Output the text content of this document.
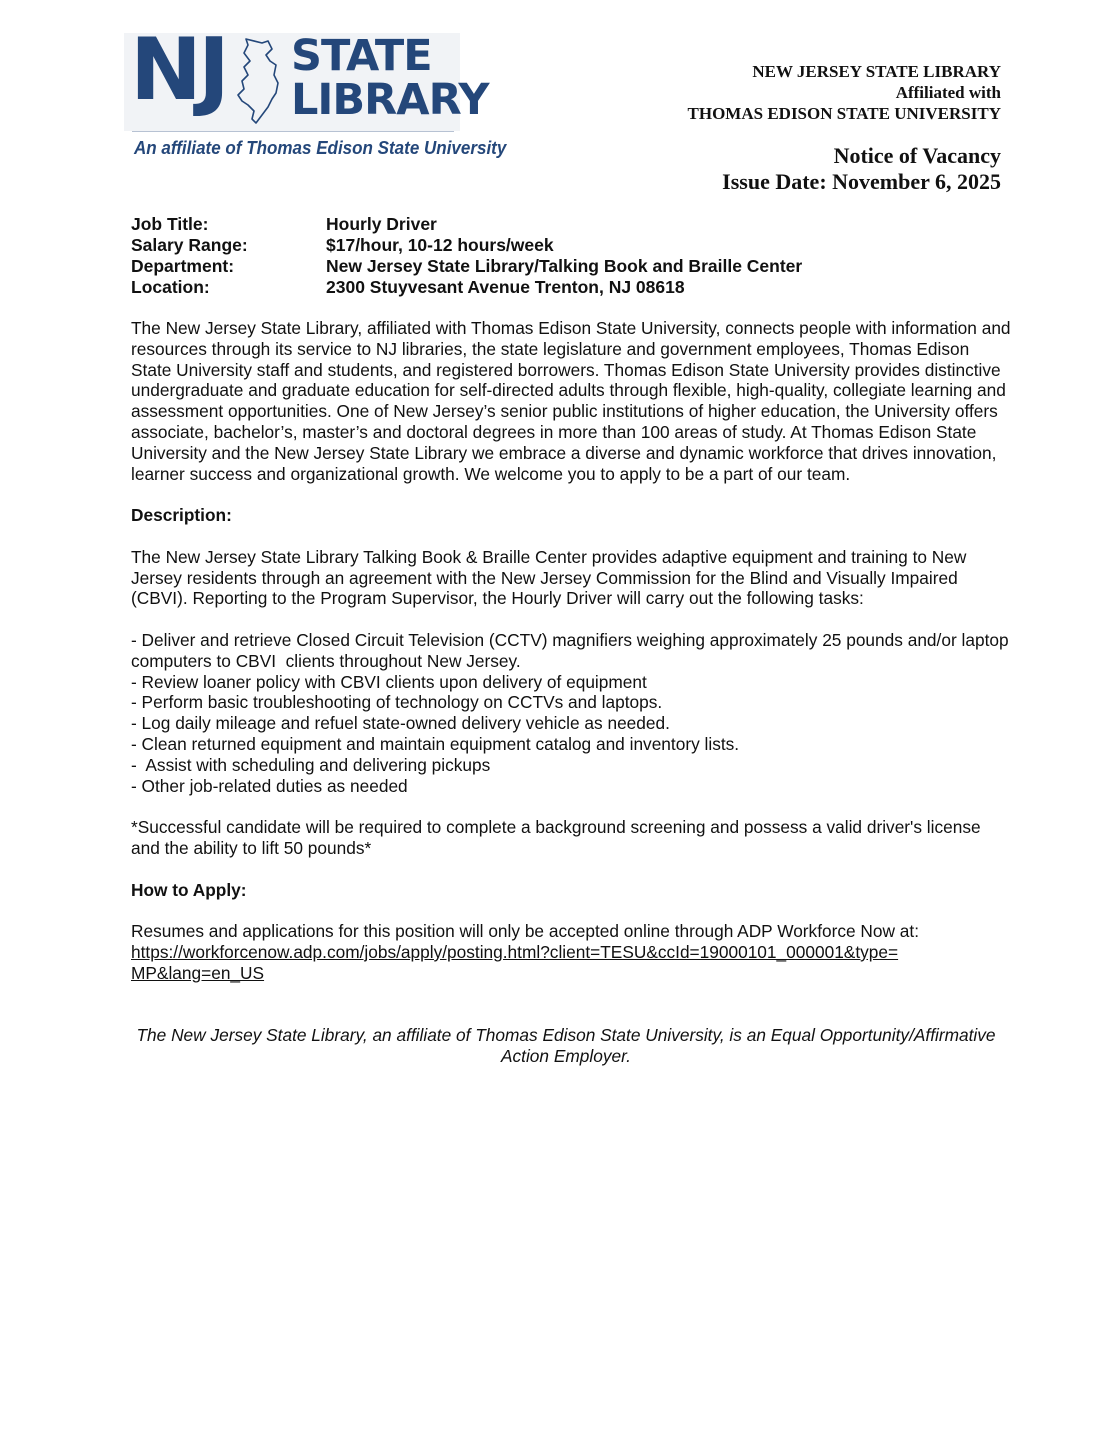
NJ STATE
LIBRARY
An affiliate of Thomas Edison State University
NEW JERSEY STATE LIBRARY
Affiliated with
THOMAS EDISON STATE UNIVERSITY
Notice of Vacancy
Issue Date: November 6, 2025
Job Title:	Hourly Driver
Salary Range:	$17/hour, 10-12 hours/week
Department:	New Jersey State Library/Talking Book and Braille Center
Location:	2300 Stuyvesant Avenue Trenton, NJ 08618

The New Jersey State Library, affiliated with Thomas Edison State University, connects people with information and resources through its service to NJ libraries, the state legislature and government employees, Thomas Edison State University staff and students, and registered borrowers. Thomas Edison State University provides distinctive undergraduate and graduate education for self-directed adults through flexible, high-quality, collegiate learning and assessment opportunities. One of New Jersey’s senior public institutions of higher education, the University offers associate, bachelor’s, master’s and doctoral degrees in more than 100 areas of study. At Thomas Edison State University and the New Jersey State Library we embrace a diverse and dynamic workforce that drives innovation, learner success and organizational growth. We welcome you to apply to be a part of our team.

Description:

The New Jersey State Library Talking Book & Braille Center provides adaptive equipment and training to New Jersey residents through an agreement with the New Jersey Commission for the Blind and Visually Impaired (CBVI). Reporting to the Program Supervisor, the Hourly Driver will carry out the following tasks:

- Deliver and retrieve Closed Circuit Television (CCTV) magnifiers weighing approximately 25 pounds and/or laptop computers to CBVI  clients throughout New Jersey.
- Review loaner policy with CBVI clients upon delivery of equipment
- Perform basic troubleshooting of technology on CCTVs and laptops.
- Log daily mileage and refuel state-owned delivery vehicle as needed.
- Clean returned equipment and maintain equipment catalog and inventory lists.
-  Assist with scheduling and delivering pickups
- Other job-related duties as needed

*Successful candidate will be required to complete a background screening and possess a valid driver's license and the ability to lift 50 pounds*

How to Apply:
Resumes and applications for this position will only be accepted online through ADP Workforce Now at:
https://workforcenow.adp.com/jobs/apply/posting.html?client=TESU&ccId=19000101_000001&type=MP&lang=en_US
The New Jersey State Library, an affiliate of Thomas Edison State University, is an Equal Opportunity/Affirmative Action Employer.
